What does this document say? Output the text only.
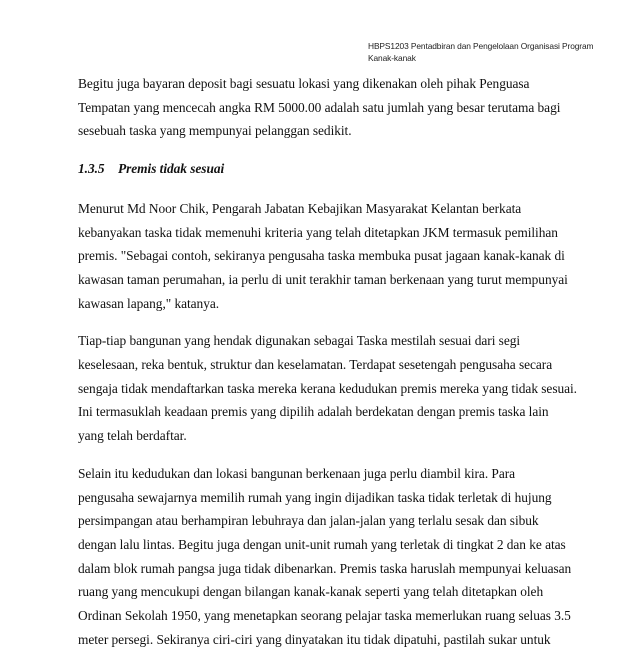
HBPS1203 Pentadbiran dan Pengelolaan Organisasi Program
Kanak-kanak

Begitu juga bayaran deposit bagi sesuatu lokasi yang dikenakan oleh pihak Penguasa
Tempatan yang mencecah angka RM 5000.00 adalah satu jumlah yang besar terutama bagi
sesebuah taska yang mempunyai pelanggan sedikit.

1.3.5 Premis tidak sesuai

Menurut Md Noor Chik, Pengarah Jabatan Kebajikan Masyarakat Kelantan berkata
kebanyakan taska tidak memenuhi kriteria yang telah ditetapkan JKM termasuk pemilihan
premis. "Sebagai contoh, sekiranya pengusaha taska membuka pusat jagaan kanak-kanak di
kawasan taman perumahan, ia perlu di unit terakhir taman berkenaan yang turut mempunyai
kawasan lapang," katanya.

Tiap-tiap bangunan yang hendak digunakan sebagai Taska mestilah sesuai dari segi
keselesaan, reka bentuk, struktur dan keselamatan. Terdapat sesetengah pengusaha secara
sengaja tidak mendaftarkan taska mereka kerana kedudukan premis mereka yang tidak sesuai.
Ini termasuklah keadaan premis yang dipilih adalah berdekatan dengan premis taska lain
yang telah berdaftar.

Selain itu kedudukan dan lokasi bangunan berkenaan juga perlu diambil kira. Para
pengusaha sewajarnya memilih rumah yang ingin dijadikan taska tidak terletak di hujung
persimpangan atau berhampiran lebuhraya dan jalan-jalan yang terlalu sesak dan sibuk
dengan lalu lintas. Begitu juga dengan unit-unit rumah yang terletak di tingkat 2 dan ke atas
dalam blok rumah pangsa juga tidak dibenarkan. Premis taska haruslah mempunyai keluasan
ruang yang mencukupi dengan bilangan kanak-kanak seperti yang telah ditetapkan oleh
Ordinan Sekolah 1950, yang menetapkan seorang pelajar taska memerlukan ruang seluas 3.5
meter persegi. Sekiranya ciri-ciri yang dinyatakan itu tidak dipatuhi, pastilah sukar untuk
